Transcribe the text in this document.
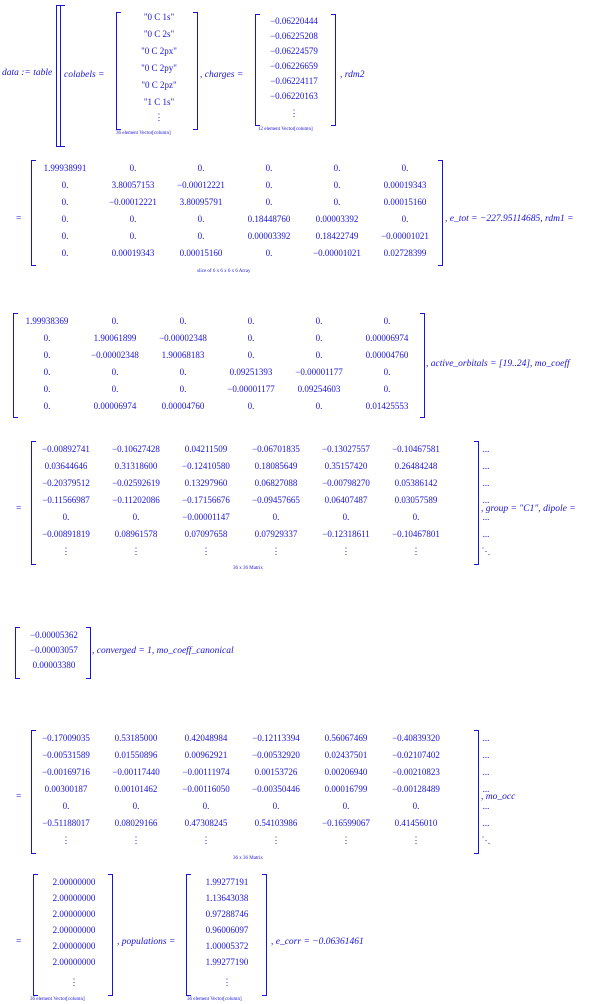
data := table colabels =
"0 C 1s"
"0 C 2s"
"0 C 2px"
"0 C 2py"
"0 C 2pz"
"1 C 1s"
⋮
36 element Vector[column]
, charges =
−0.06220444
−0.06225208
−0.06224579
−0.06226659
−0.06224117
−0.06220163
⋮
12 element Vector[column]
, rdm2
=
1.99938991	0.	0.	0.	0.	0.
0.	3.80057153	−0.00012221	0.	0.	0.00019343
0.	−0.00012221	3.80095791	0.	0.	0.00015160
0.	0.	0.	0.18448760	0.00003392	0.
0.	0.	0.	0.00003392	0.18422749	−0.00001021
0.	0.00019343	0.00015160	0.	−0.00001021	0.02728399
, e_tot = −227.95114685, rdm1 =
slice of 6 x 6 x 6 x 6 Array
1.99938369	0.	0.	0.	0.	0.
0.	1.90061899	−0.00002348	0.	0.	0.00006974
0.	−0.00002348	1.90068183	0.	0.	0.00004760
0.	0.	0.	0.09251393	−0.00001177	0.
0.	0.	0.	−0.00001177	0.09254603	0.
0.	0.00006974	0.00004760	0.	0.	0.01425553
, active_orbitals = [19..24], mo_coeff
=
−0.00892741	−0.10627428	0.04211509	−0.06701835	−0.13027557	−0.10467581	...
0.03644646	0.31318600	−0.12410580	0.18085649	0.35157420	0.26484248	...
−0.20379512	−0.02592619	0.13297960	0.06827088	−0.00798270	0.05386142	...
−0.11566987	−0.11202086	−0.17156676	−0.09457665	0.06407487	0.03057589	...
0.	0.	−0.00001147	0.	0.	0.	...
−0.00891819	0.08961578	0.07097658	0.07929337	−0.12318611	−0.10467801	...
⋮	⋮	⋮	⋮	⋮	⋮	⋱
, group = "C1", dipole =
36 x 36 Matrix
−0.00005362
−0.00003057
0.00003380
, converged = 1, mo_coeff_canonical
=
−0.17009035	0.53185000	0.42048984	−0.12113394	0.56067469	−0.40839320	...
−0.00531589	0.01550896	0.00962921	−0.00532920	0.02437501	−0.02107402	...
−0.00169716	−0.00117440	−0.00111974	0.00153726	0.00206940	−0.00210823	...
0.00300187	0.00101462	−0.00116050	−0.00350446	0.00016799	−0.00128489	...
0.	0.	0.	0.	0.	0.	...
−0.51188017	0.08029166	0.47308245	0.54103986	−0.16599067	0.41456010	...
⋮	⋮	⋮	⋮	⋮	⋮	⋱
, mo_occ
36 x 36 Matrix
=
2.00000000
2.00000000
2.00000000
2.00000000
2.00000000
2.00000000
⋮
36 element Vector[column]
, populations =
1.99277191
1.13643038
0.97288746
0.96006097
1.00005372
1.99277190
⋮
36 element Vector[column]
, e_corr = −0.06361461
